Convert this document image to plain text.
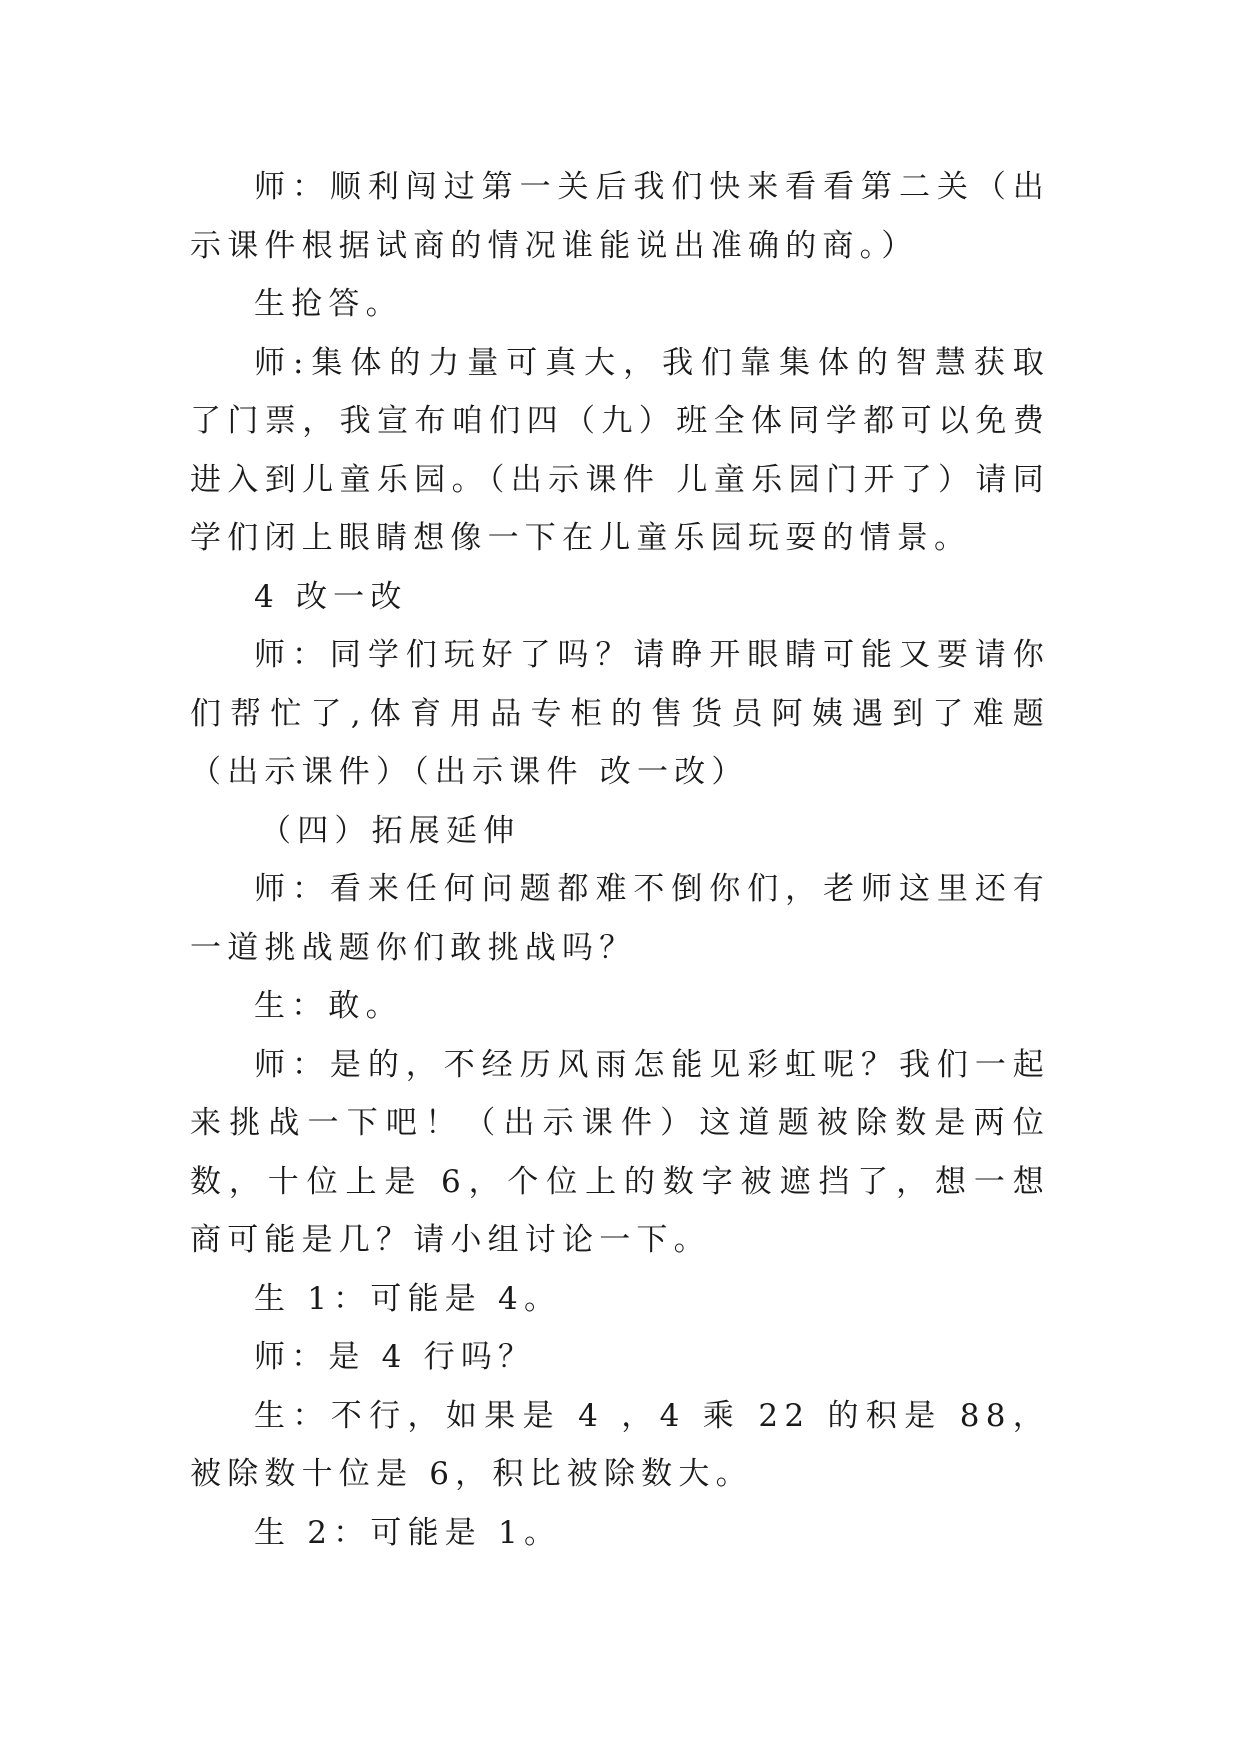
师：顺利闯过第一关后我们快来看看第二关（出示课件根据试商的情况谁能说出准确的商。）

生抢答。

师:集体的力量可真大，我们靠集体的智慧获取了门票，我宣布咱们四（九）班全体同学都可以免费进入到儿童乐园。（出示课件 儿童乐园门开了）请同学们闭上眼睛想像一下在儿童乐园玩耍的情景。

4 改一改

师：同学们玩好了吗？请睁开眼睛可能又要请你们帮忙了,体育用品专柜的售货员阿姨遇到了难题（出示课件）（出示课件 改一改）

（四）拓展延伸

师：看来任何问题都难不倒你们，老师这里还有一道挑战题你们敢挑战吗？

生：敢。

师：是的，不经历风雨怎能见彩虹呢？我们一起来挑战一下吧！（出示课件）这道题被除数是两位数，十位上是 6，个位上的数字被遮挡了，想一想商可能是几？请小组讨论一下。

生 1：可能是 4。

师：是 4 行吗？

生：不行，如果是 4 ，4 乘 22 的积是 88，被除数十位是 6，积比被除数大。

生 2：可能是 1。
